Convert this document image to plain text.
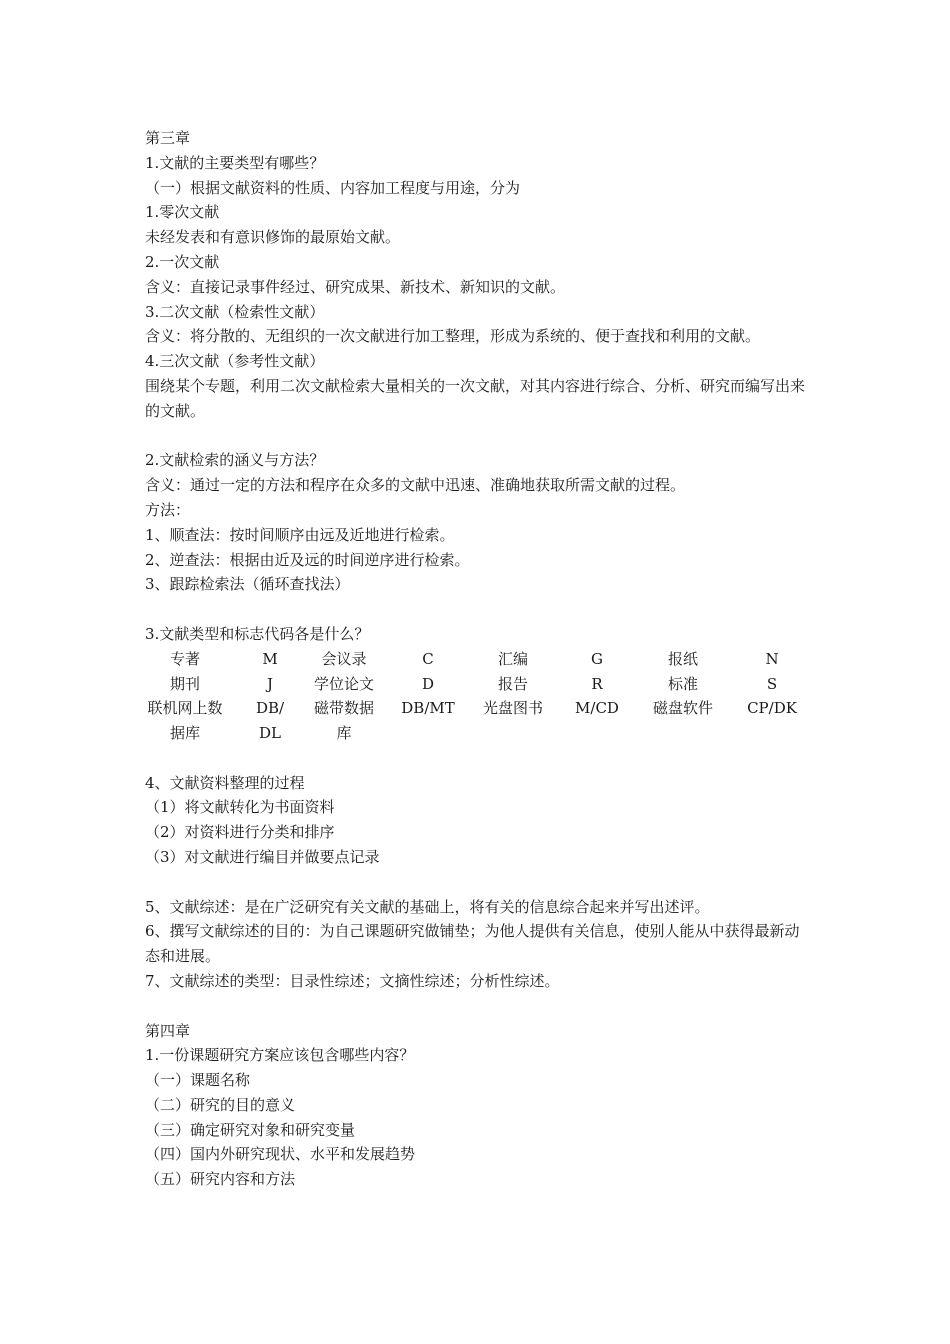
第三章
1.文献的主要类型有哪些？
（一）根据文献资料的性质、内容加工程度与用途，分为
1.零次文献
未经发表和有意识修饰的最原始文献。
2.一次文献
含义：直接记录事件经过、研究成果、新技术、新知识的文献。
3.二次文献（检索性文献）
含义：将分散的、无组织的一次文献进行加工整理，形成为系统的、便于查找和利用的文献。
4.三次文献（参考性文献）
围绕某个专题，利用二次文献检索大量相关的一次文献，对其内容进行综合、分析、研究而编写出来的文献。
2.文献检索的涵义与方法？
含义：通过一定的方法和程序在众多的文献中迅速、准确地获取所需文献的过程。
方法：
1、顺查法：按时间顺序由远及近地进行检索。
2、逆查法：根据由近及远的时间逆序进行检索。
3、跟踪检索法（循环查找法）
3.文献类型和标志代码各是什么？
专著	M	会议录	C	汇编	G	报纸	N
期刊	J	学位论文	D	报告	R	标准	S
联机网上数 DB/ 磁带数据 DB/MT 光盘图书 M/CD 磁盘软件 CP/DK
据库	DL	库
4、文献资料整理的过程
（1）将文献转化为书面资料
（2）对资料进行分类和排序
（3）对文献进行编目并做要点记录
5、文献综述：是在广泛研究有关文献的基础上，将有关的信息综合起来并写出述评。
6、撰写文献综述的目的：为自己课题研究做铺垫；为他人提供有关信息，使别人能从中获得最新动态和进展。
7、文献综述的类型：目录性综述；文摘性综述；分析性综述。
第四章
1.一份课题研究方案应该包含哪些内容？
（一）课题名称
（二）研究的目的意义
（三）确定研究对象和研究变量
（四）国内外研究现状、水平和发展趋势
（五）研究内容和方法
